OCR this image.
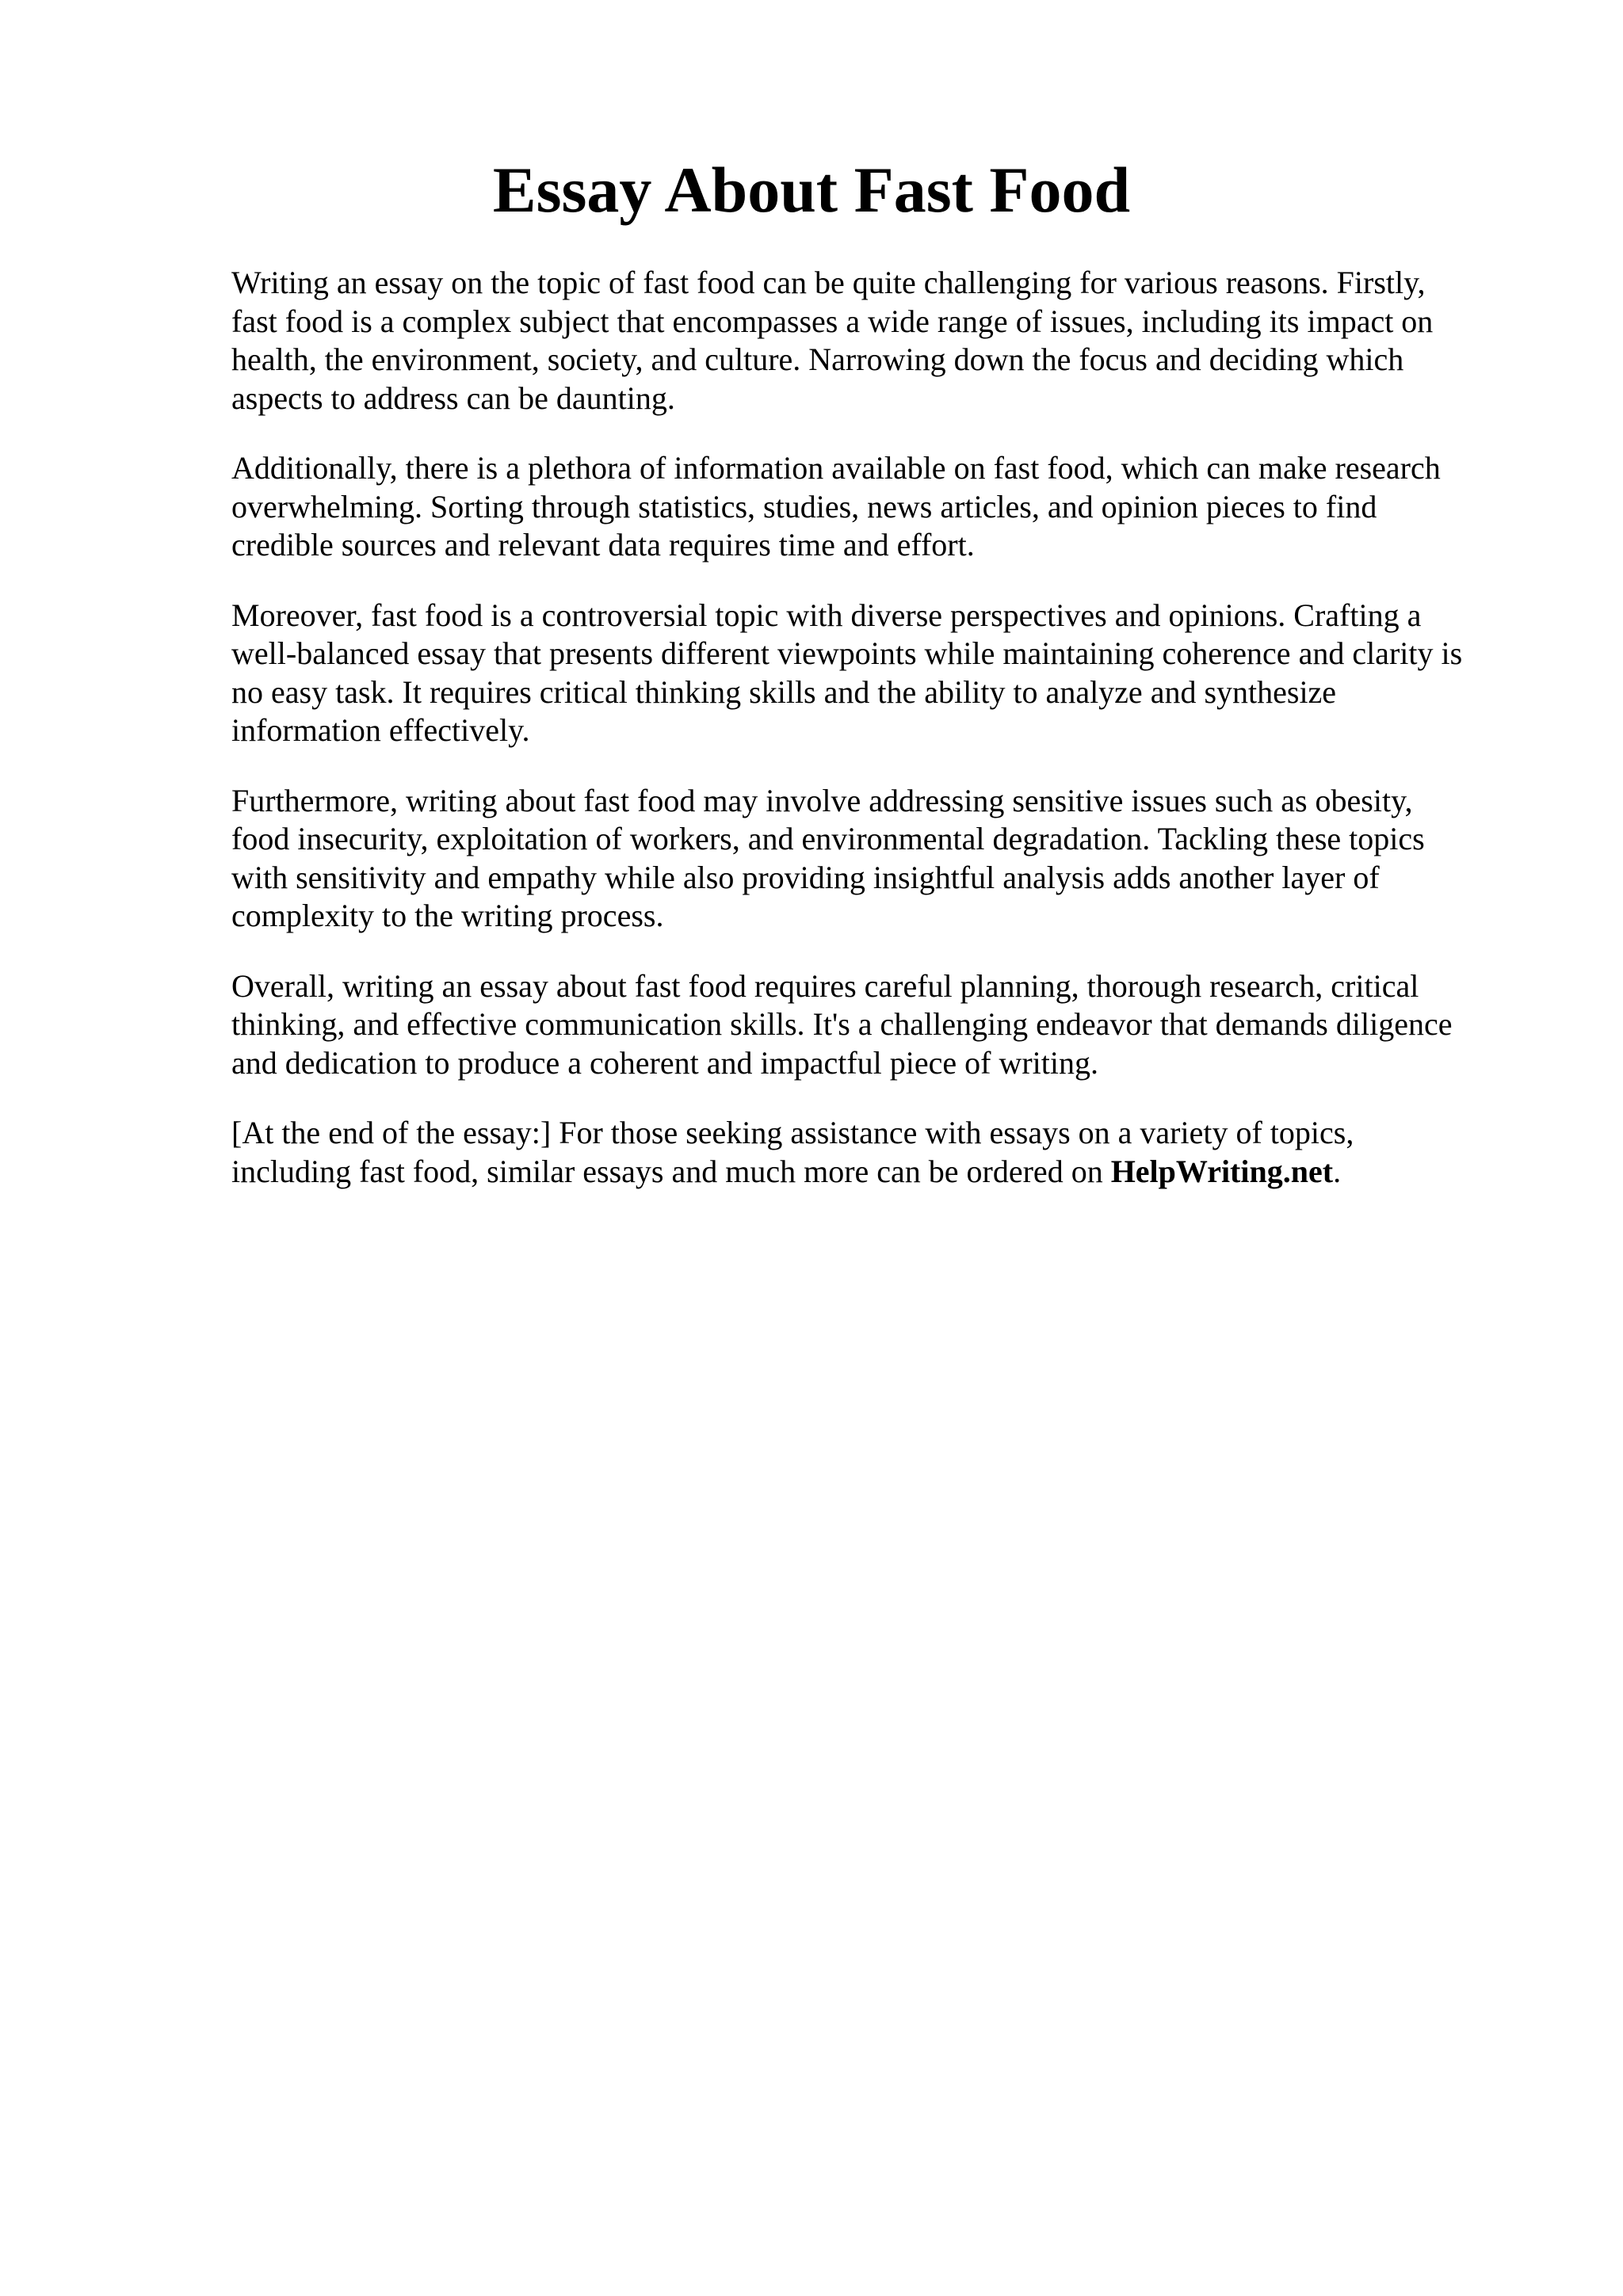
Essay About Fast Food

Writing an essay on the topic of fast food can be quite challenging for various reasons. Firstly,
fast food is a complex subject that encompasses a wide range of issues, including its impact on
health, the environment, society, and culture. Narrowing down the focus and deciding which
aspects to address can be daunting.

Additionally, there is a plethora of information available on fast food, which can make research
overwhelming. Sorting through statistics, studies, news articles, and opinion pieces to find
credible sources and relevant data requires time and effort.

Moreover, fast food is a controversial topic with diverse perspectives and opinions. Crafting a
well-balanced essay that presents different viewpoints while maintaining coherence and clarity is
no easy task. It requires critical thinking skills and the ability to analyze and synthesize
information effectively.

Furthermore, writing about fast food may involve addressing sensitive issues such as obesity,
food insecurity, exploitation of workers, and environmental degradation. Tackling these topics
with sensitivity and empathy while also providing insightful analysis adds another layer of
complexity to the writing process.

Overall, writing an essay about fast food requires careful planning, thorough research, critical
thinking, and effective communication skills. It's a challenging endeavor that demands diligence
and dedication to produce a coherent and impactful piece of writing.

[At the end of the essay:] For those seeking assistance with essays on a variety of topics,
including fast food, similar essays and much more can be ordered on HelpWriting.net.
